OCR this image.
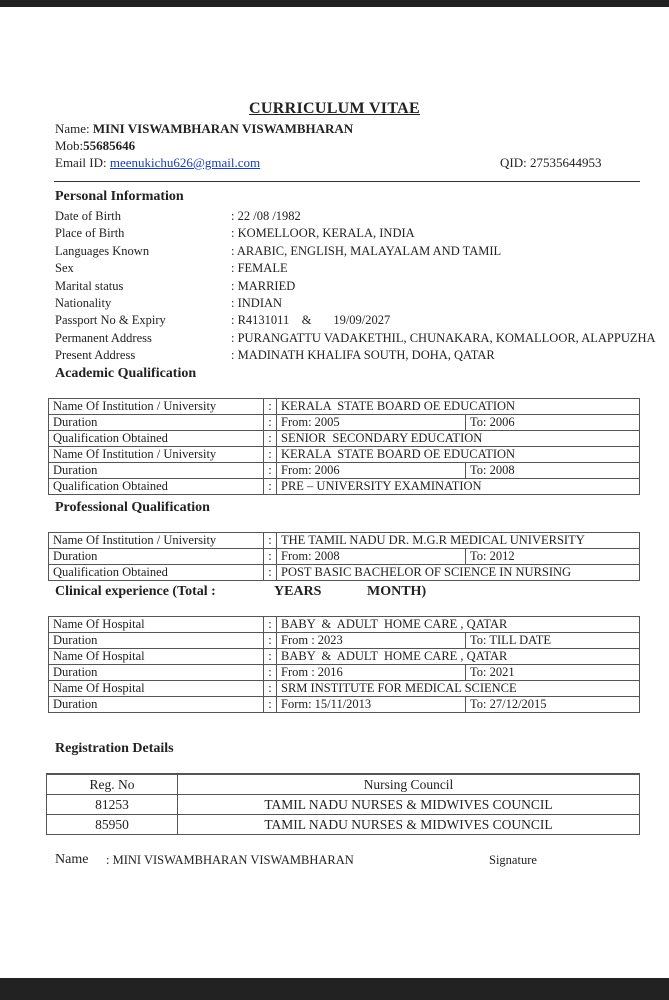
CURRICULUM VITAE
Name: MINI VISWAMBHARAN VISWAMBHARAN
Mob:55685646
Email ID: meenukichu626@gmail.com	QID: 27535644953
Personal Information
Date of Birth	: 22 /08 /1982
Place of Birth	: KOMELLOOR, KERALA, INDIA
Languages Known	: ARABIC, ENGLISH, MALAYALAM AND TAMIL
Sex	: FEMALE
Marital status	: MARRIED
Nationality	: INDIAN
Passport No & Expiry	: R4131011    &       19/09/2027
Permanent Address	: PURANGATTU VADAKETHIL, CHUNAKARA, KOMALLOOR, ALAPPUZHA
Present Address	: MADINATH KHALIFA SOUTH, DOHA, QATAR
Academic Qualification
Name Of Institution / University	:	KERALA  STATE BOARD OE EDUCATION	
Duration	:	From: 2005	To: 2006
Qualification Obtained	:	SENIOR  SECONDARY EDUCATION	
Name Of Institution / University	:	KERALA  STATE BOARD OE EDUCATION	
Duration	:	From: 2006	To: 2008
Qualification Obtained	:	PRE – UNIVERSITY EXAMINATION	
Professional Qualification
Name Of Institution / University	:	THE TAMIL NADU DR. M.G.R MEDICAL UNIVERSITY	
Duration	:	From: 2008	To: 2012
Qualification Obtained	:	POST BASIC BACHELOR OF SCIENCE IN NURSING	
Clinical experience (Total :	YEARS	MONTH)
Name Of Hospital	:	BABY  &  ADULT  HOME CARE , QATAR	
Duration	:	From : 2023	To: TILL DATE
Name Of Hospital	:	BABY  &  ADULT  HOME CARE , QATAR	
Duration	:	From : 2016	To: 2021
Name Of Hospital	:	SRM INSTITUTE FOR MEDICAL SCIENCE	
Duration	:	Form: 15/11/2013	To: 27/12/2015
Registration Details
Reg. No	Nursing Council
81253	TAMIL NADU NURSES & MIDWIVES COUNCIL
85950	TAMIL NADU NURSES & MIDWIVES COUNCIL
Name : MINI VISWAMBHARAN VISWAMBHARAN	Signature
